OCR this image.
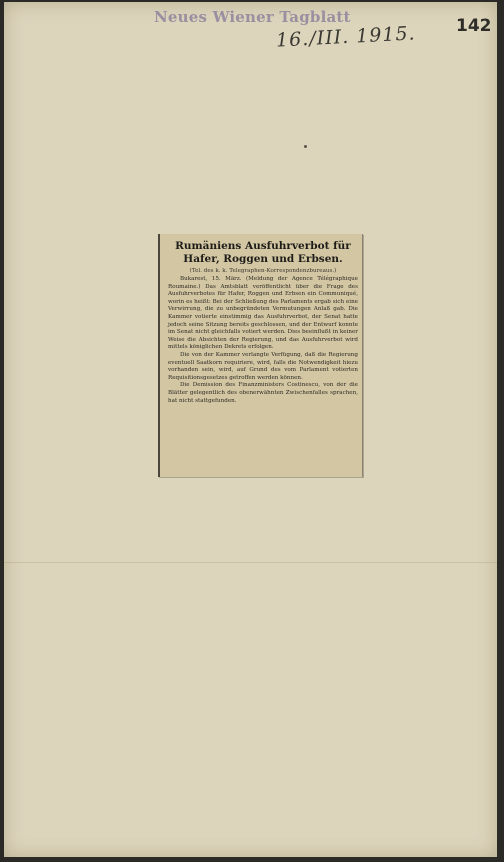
Neues Wiener Tagblatt
16./III. 1915. 142
Rumäniens Ausfuhrverbot für Hafer, Roggen und Erbsen.
(Tel. des k. k. Telegraphen-Korrespondenzbureaus.)

Bukarest, 15. März. (Meldung der Agence Télégraphique Roumaine.) Das Amtsblatt veröffentlicht über die Frage des Ausfuhrverbotes für Hafer, Roggen und Erbsen ein Communiqué, worin es heißt: Bei der Schließung des Parlaments ergab sich eine Verwirrung, die zu unbegründeten Vermutungen Anlaß gab. Die Kammer votierte einstimmig das Ausfuhrverbot, der Senat hatte jedoch seine Sitzung bereits geschlossen, und der Entwurf konnte im Senat nicht gleichfalls votiert werden. Dies beeinflußt in keiner Weise die Absichten der Regierung, und das Ausfuhrverbot wird mittels königlichen Dekrets erfolgen.

Die von der Kammer verlangte Verfügung, daß die Regierung eventuell Saatkorn requiriere, wird, falls die Notwendigkeit hiezu vorhanden sein, wird, auf Grund des vom Parlament votierten Requisitionsgesetzes getroffen werden können.

Die Demission des Finanzministers Costinescu, von der die Blätter gelegentlich des obenerwähnten Zwischenfalles sprachen, hat nicht stattgefunden.
